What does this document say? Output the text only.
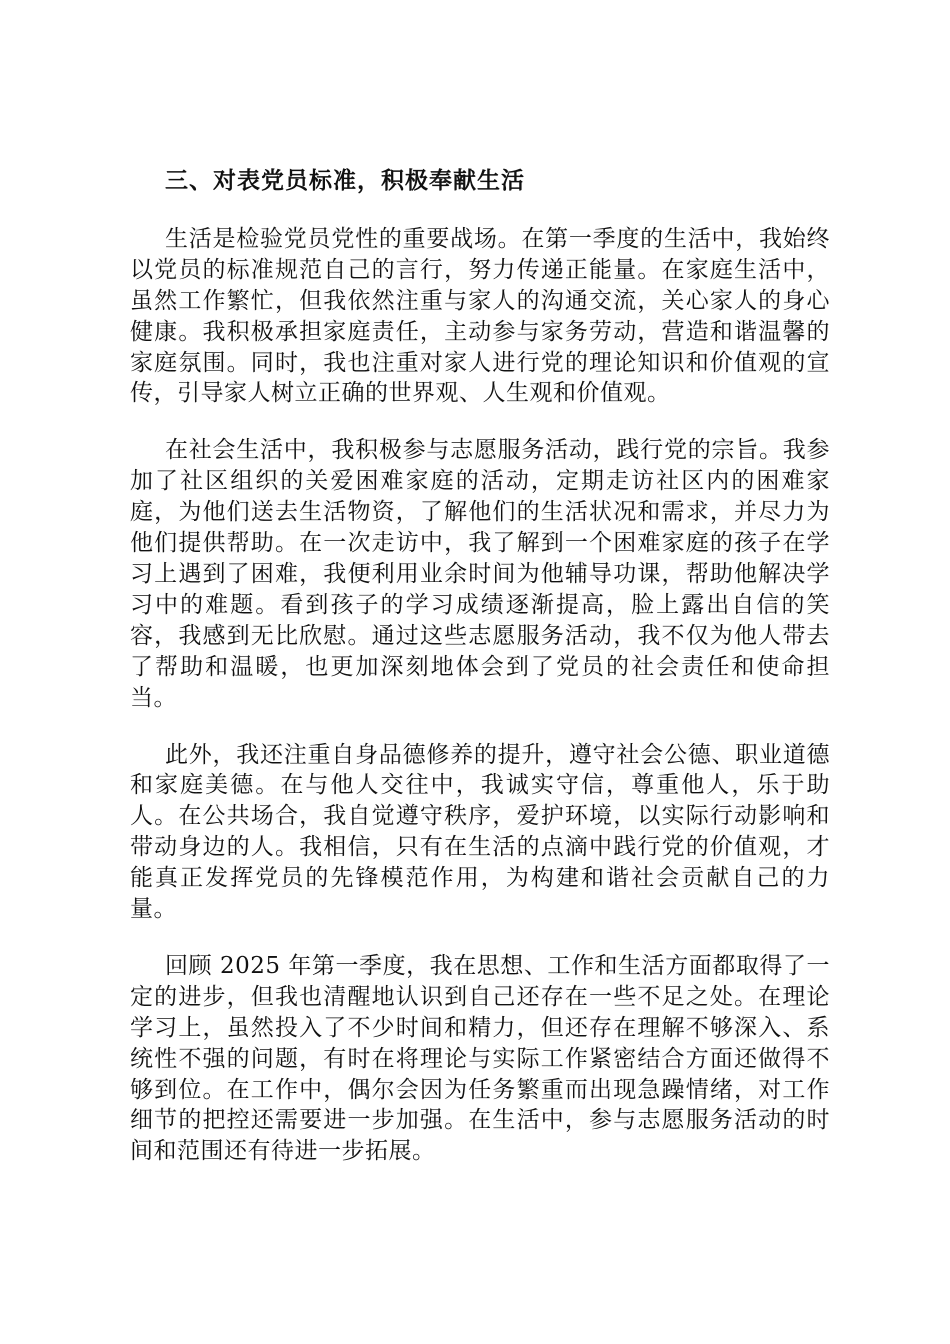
三、对表党员标准，积极奉献生活

生活是检验党员党性的重要战场。在第一季度的生活中，我始终以党员的标准规范自己的言行，努力传递正能量。在家庭生活中，虽然工作繁忙，但我依然注重与家人的沟通交流，关心家人的身心健康。我积极承担家庭责任，主动参与家务劳动，营造和谐温馨的家庭氛围。同时，我也注重对家人进行党的理论知识和价值观的宣传，引导家人树立正确的世界观、人生观和价值观。

在社会生活中，我积极参与志愿服务活动，践行党的宗旨。我参加了社区组织的关爱困难家庭的活动，定期走访社区内的困难家庭，为他们送去生活物资，了解他们的生活状况和需求，并尽力为他们提供帮助。在一次走访中，我了解到一个困难家庭的孩子在学习上遇到了困难，我便利用业余时间为他辅导功课，帮助他解决学习中的难题。看到孩子的学习成绩逐渐提高，脸上露出自信的笑容，我感到无比欣慰。通过这些志愿服务活动，我不仅为他人带去了帮助和温暖，也更加深刻地体会到了党员的社会责任和使命担当。

此外，我还注重自身品德修养的提升，遵守社会公德、职业道德和家庭美德。在与他人交往中，我诚实守信，尊重他人，乐于助人。在公共场合，我自觉遵守秩序，爱护环境，以实际行动影响和带动身边的人。我相信，只有在生活的点滴中践行党的价值观，才能真正发挥党员的先锋模范作用，为构建和谐社会贡献自己的力量。

回顾 2025 年第一季度，我在思想、工作和生活方面都取得了一定的进步，但我也清醒地认识到自己还存在一些不足之处。在理论学习上，虽然投入了不少时间和精力，但还存在理解不够深入、系统性不强的问题，有时在将理论与实际工作紧密结合方面还做得不够到位。在工作中，偶尔会因为任务繁重而出现急躁情绪，对工作细节的把控还需要进一步加强。在生活中，参与志愿服务活动的时间和范围还有待进一步拓展。
